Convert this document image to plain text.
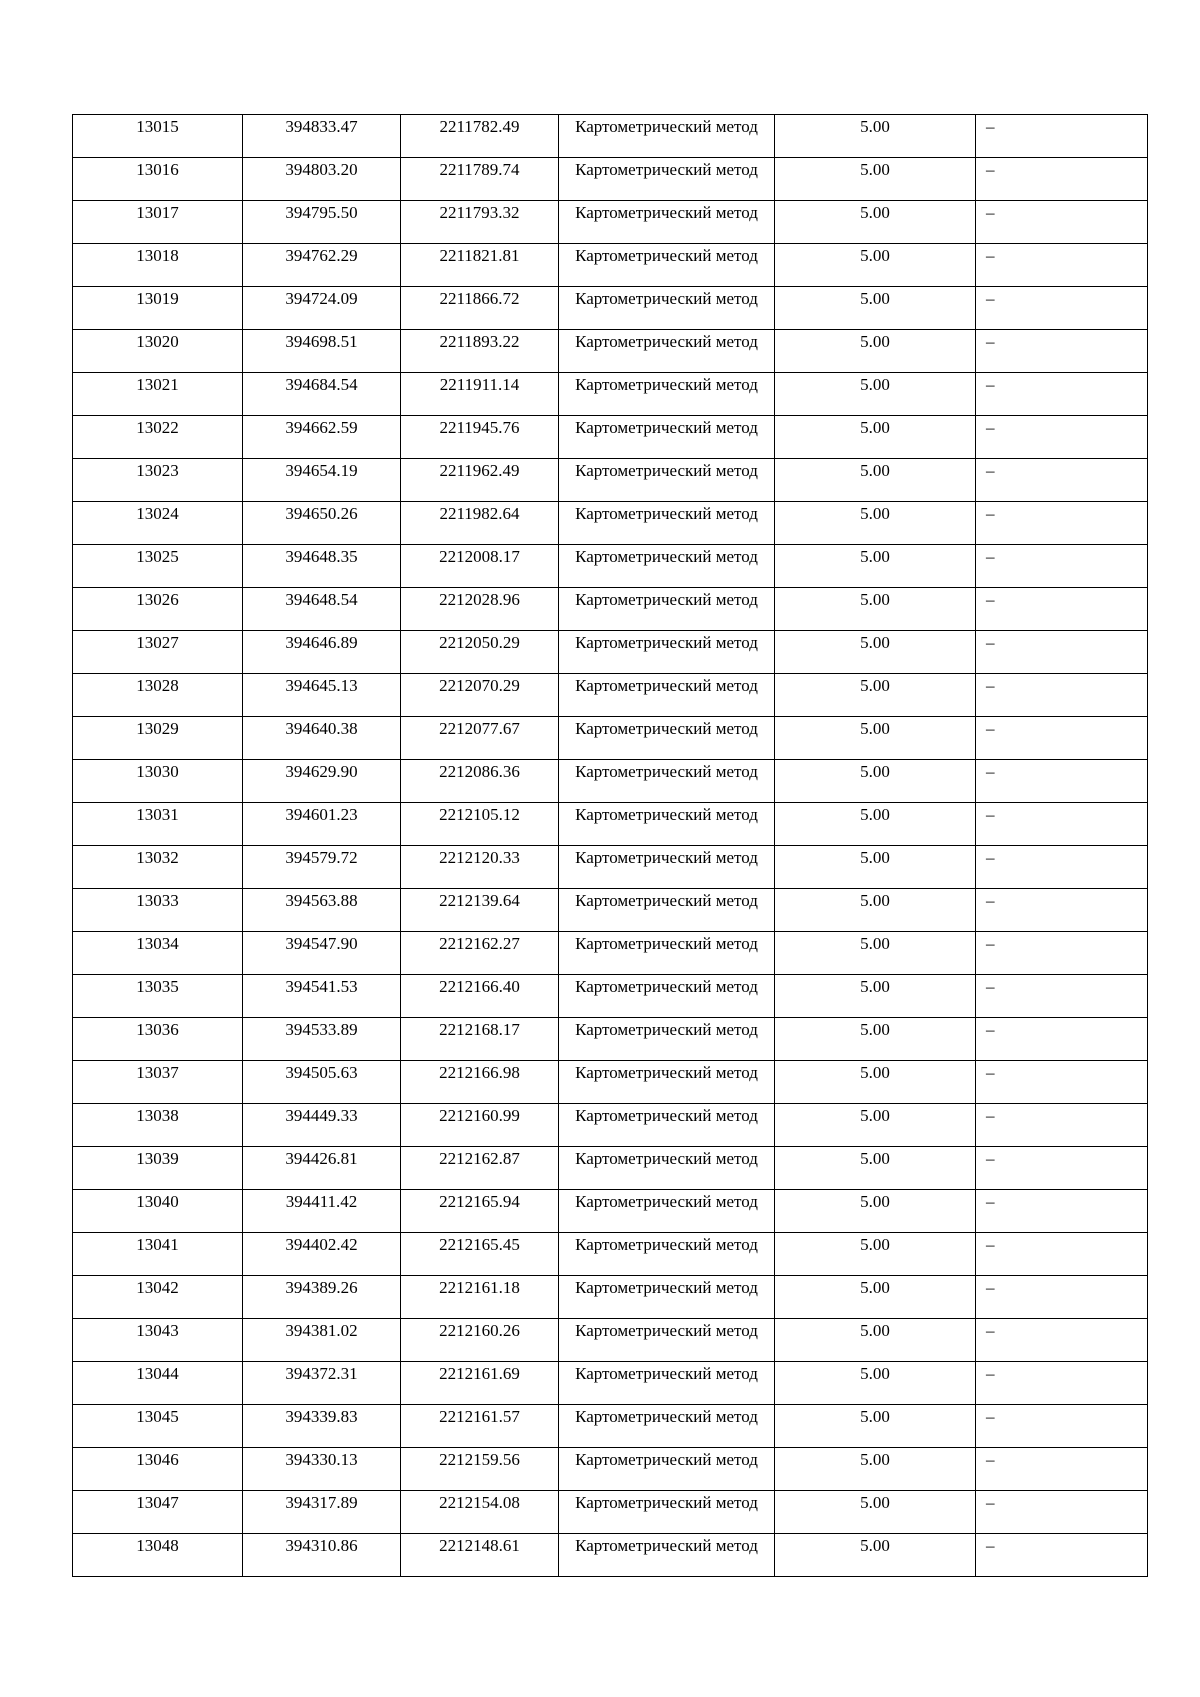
13015	394833.47	2211782.49	Картометрический метод	5.00	–

13016	394803.20	2211789.74	Картометрический метод	5.00	–

13017	394795.50	2211793.32	Картометрический метод	5.00	–

13018	394762.29	2211821.81	Картометрический метод	5.00	–

13019	394724.09	2211866.72	Картометрический метод	5.00	–

13020	394698.51	2211893.22	Картометрический метод	5.00	–

13021	394684.54	2211911.14	Картометрический метод	5.00	–

13022	394662.59	2211945.76	Картометрический метод	5.00	–

13023	394654.19	2211962.49	Картометрический метод	5.00	–

13024	394650.26	2211982.64	Картометрический метод	5.00	–

13025	394648.35	2212008.17	Картометрический метод	5.00	–

13026	394648.54	2212028.96	Картометрический метод	5.00	–

13027	394646.89	2212050.29	Картометрический метод	5.00	–

13028	394645.13	2212070.29	Картометрический метод	5.00	–

13029	394640.38	2212077.67	Картометрический метод	5.00	–

13030	394629.90	2212086.36	Картометрический метод	5.00	–

13031	394601.23	2212105.12	Картометрический метод	5.00	–

13032	394579.72	2212120.33	Картометрический метод	5.00	–

13033	394563.88	2212139.64	Картометрический метод	5.00	–

13034	394547.90	2212162.27	Картометрический метод	5.00	–

13035	394541.53	2212166.40	Картометрический метод	5.00	–

13036	394533.89	2212168.17	Картометрический метод	5.00	–

13037	394505.63	2212166.98	Картометрический метод	5.00	–

13038	394449.33	2212160.99	Картометрический метод	5.00	–

13039	394426.81	2212162.87	Картометрический метод	5.00	–

13040	394411.42	2212165.94	Картометрический метод	5.00	–

13041	394402.42	2212165.45	Картометрический метод	5.00	–

13042	394389.26	2212161.18	Картометрический метод	5.00	–

13043	394381.02	2212160.26	Картометрический метод	5.00	–

13044	394372.31	2212161.69	Картометрический метод	5.00	–

13045	394339.83	2212161.57	Картометрический метод	5.00	–

13046	394330.13	2212159.56	Картометрический метод	5.00	–

13047	394317.89	2212154.08	Картометрический метод	5.00	–

13048	394310.86	2212148.61	Картометрический метод	5.00	–
